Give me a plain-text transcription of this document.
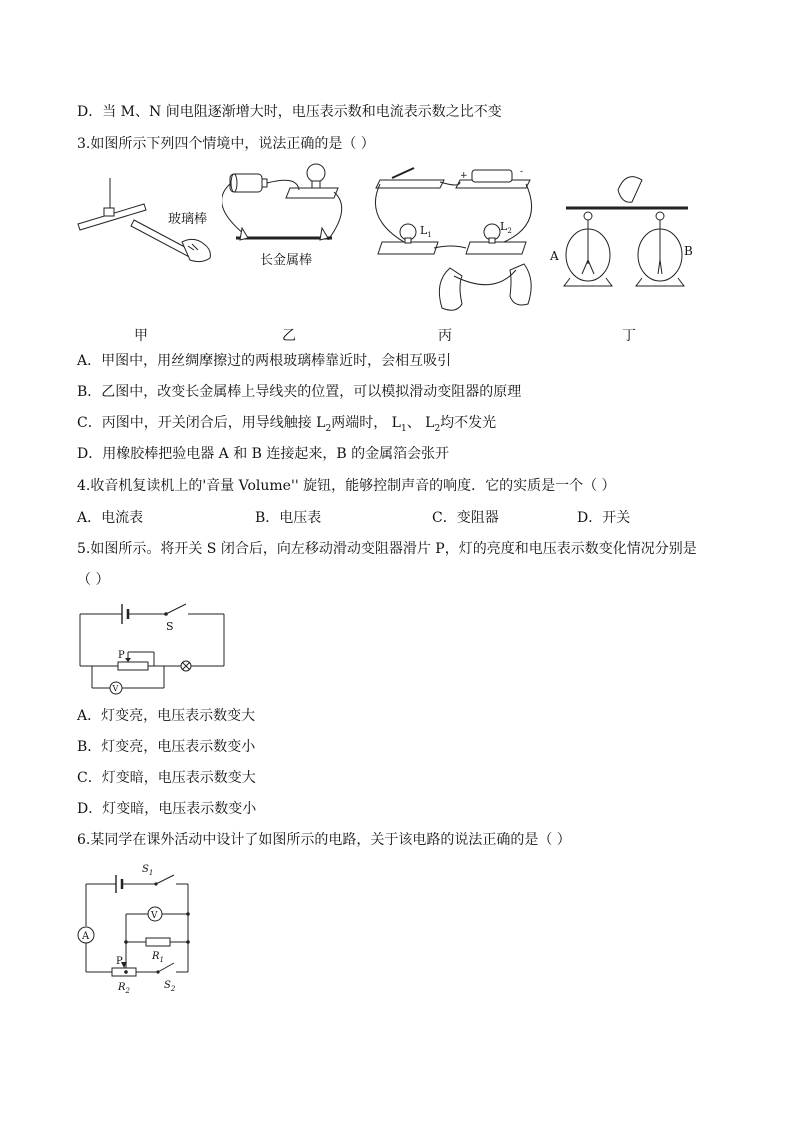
D．当 M、N 间电阻逐渐增大时，电压表示数和电流表示数之比不变
3.如图所示下列四个情境中，说法正确的是（ ）
玻璃棒
长金属棒
+	-
$L_1$
$L_2$
A	B
甲	乙	丙	丁
A．甲图中，用丝绸摩擦过的两根玻璃棒靠近时，会相互吸引
B．乙图中，改变长金属棒上导线夹的位置，可以模拟滑动变阻器的原理
C．丙图中，开关闭合后，用导线触接 $L_2$两端时， $L_1$、 $L_2$均不发光
D．用橡胶棒把验电器 A 和 B 连接起来，B 的金属箔会张开
4.收音机复读机上的'音量 Volume'' 旋钮，能够控制声音的响度．它的实质是一个（ ）
A．电流表	B．电压表	C．变阻器	D．开关
5.如图所示。将开关 S 闭合后，向左移动滑动变阻器滑片 P，灯的亮度和电压表示数变化情况分别是
（ ）
S
P
V
A．灯变亮，电压表示数变大
B．灯变亮，电压表示数变小
C．灯变暗，电压表示数变大
D．灯变暗，电压表示数变小
6.某同学在课外活动中设计了如图所示的电路，关于该电路的说法正确的是（ ）
$S_1$
A
V
$R_1$
P
$R_2$	$S_2$
